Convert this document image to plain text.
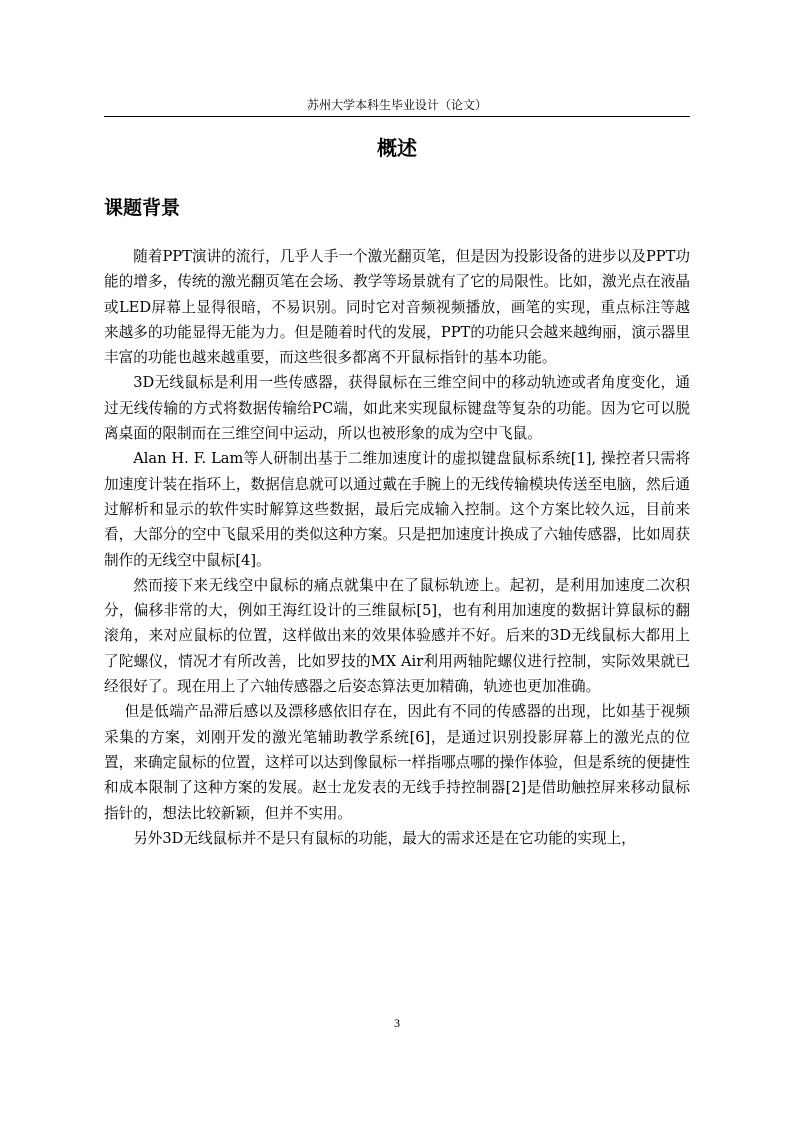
苏州大学本科生毕业设计（论文）
概述
课题背景

随着PPT演讲的流行，几乎人手一个激光翻页笔，但是因为投影设备的进步以及PPT功能的增多，传统的激光翻页笔在会场、教学等场景就有了它的局限性。比如，激光点在液晶或LED屏幕上显得很暗，不易识别。同时它对音频视频播放，画笔的实现，重点标注等越来越多的功能显得无能为力。但是随着时代的发展，PPT的功能只会越来越绚丽，演示器里丰富的功能也越来越重要，而这些很多都离不开鼠标指针的基本功能。

3D无线鼠标是利用一些传感器，获得鼠标在三维空间中的移动轨迹或者角度变化，通过无线传输的方式将数据传输给PC端，如此来实现鼠标键盘等复杂的功能。因为它可以脱离桌面的限制而在三维空间中运动，所以也被形象的成为空中飞鼠。

Alan H. F. Lam等人研制出基于二维加速度计的虚拟键盘鼠标系统[1], 操控者只需将加速度计装在指环上，数据信息就可以通过戴在手腕上的无线传输模块传送至电脑，然后通过解析和显示的软件实时解算这些数据，最后完成输入控制。这个方案比较久远，目前来看，大部分的空中飞鼠采用的类似这种方案。只是把加速度计换成了六轴传感器，比如周获制作的无线空中鼠标[4]。

然而接下来无线空中鼠标的痛点就集中在了鼠标轨迹上。起初，是利用加速度二次积分，偏移非常的大，例如王海红设计的三维鼠标[5]，也有利用加速度的数据计算鼠标的翻滚角，来对应鼠标的位置，这样做出来的效果体验感并不好。后来的3D无线鼠标大都用上了陀螺仪，情况才有所改善，比如罗技的MX Air利用两轴陀螺仪进行控制，实际效果就已经很好了。现在用上了六轴传感器之后姿态算法更加精确，轨迹也更加准确。

但是低端产品滞后感以及漂移感依旧存在，因此有不同的传感器的出现，比如基于视频采集的方案，刘刚开发的激光笔辅助教学系统[6]，是通过识别投影屏幕上的激光点的位置，来确定鼠标的位置，这样可以达到像鼠标一样指哪点哪的操作体验，但是系统的便捷性和成本限制了这种方案的发展。赵士龙发表的无线手持控制器[2]是借助触控屏来移动鼠标指针的，想法比较新颖，但并不实用。

另外3D无线鼠标并不是只有鼠标的功能，最大的需求还是在它功能的实现上，

3
